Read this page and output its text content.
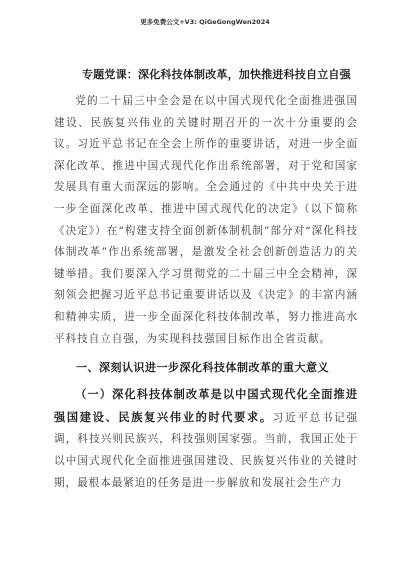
更多免费公文+V3: QiGeGongWen2024
专题党课：深化科技体制改革，加快推进科技自立自强

党的二十届三中全会是在以中国式现代化全面推进强国建设、民族复兴伟业的关键时期召开的一次十分重要的会议。习近平总书记在全会上所作的重要讲话，对进一步全面深化改革、推进中国式现代化作出系统部署，对于党和国家发展具有重大而深远的影响。全会通过的《中共中央关于进一步全面深化改革、推进中国式现代化的决定》（以下简称《决定》）在“构建支持全面创新体制机制”部分对“深化科技体制改革”作出系统部署，是激发全社会创新创造活力的关键举措。我们要深入学习贯彻党的二十届三中全会精神，深刻领会把握习近平总书记重要讲话以及《决定》的丰富内涵和精神实质，进一步全面深化科技体制改革，努力推进高水平科技自立自强，为实现科技强国目标作出全省贡献。

一、深刻认识进一步深化科技体制改革的重大意义

（一）深化科技体制改革是以中国式现代化全面推进强国建设、民族复兴伟业的时代要求。习近平总书记强调，科技兴则民族兴，科技强则国家强。当前，我国正处于以中国式现代化全面推进强国建设、民族复兴伟业的关键时期，最根本最紧迫的任务是进一步解放和发展社会生产力
